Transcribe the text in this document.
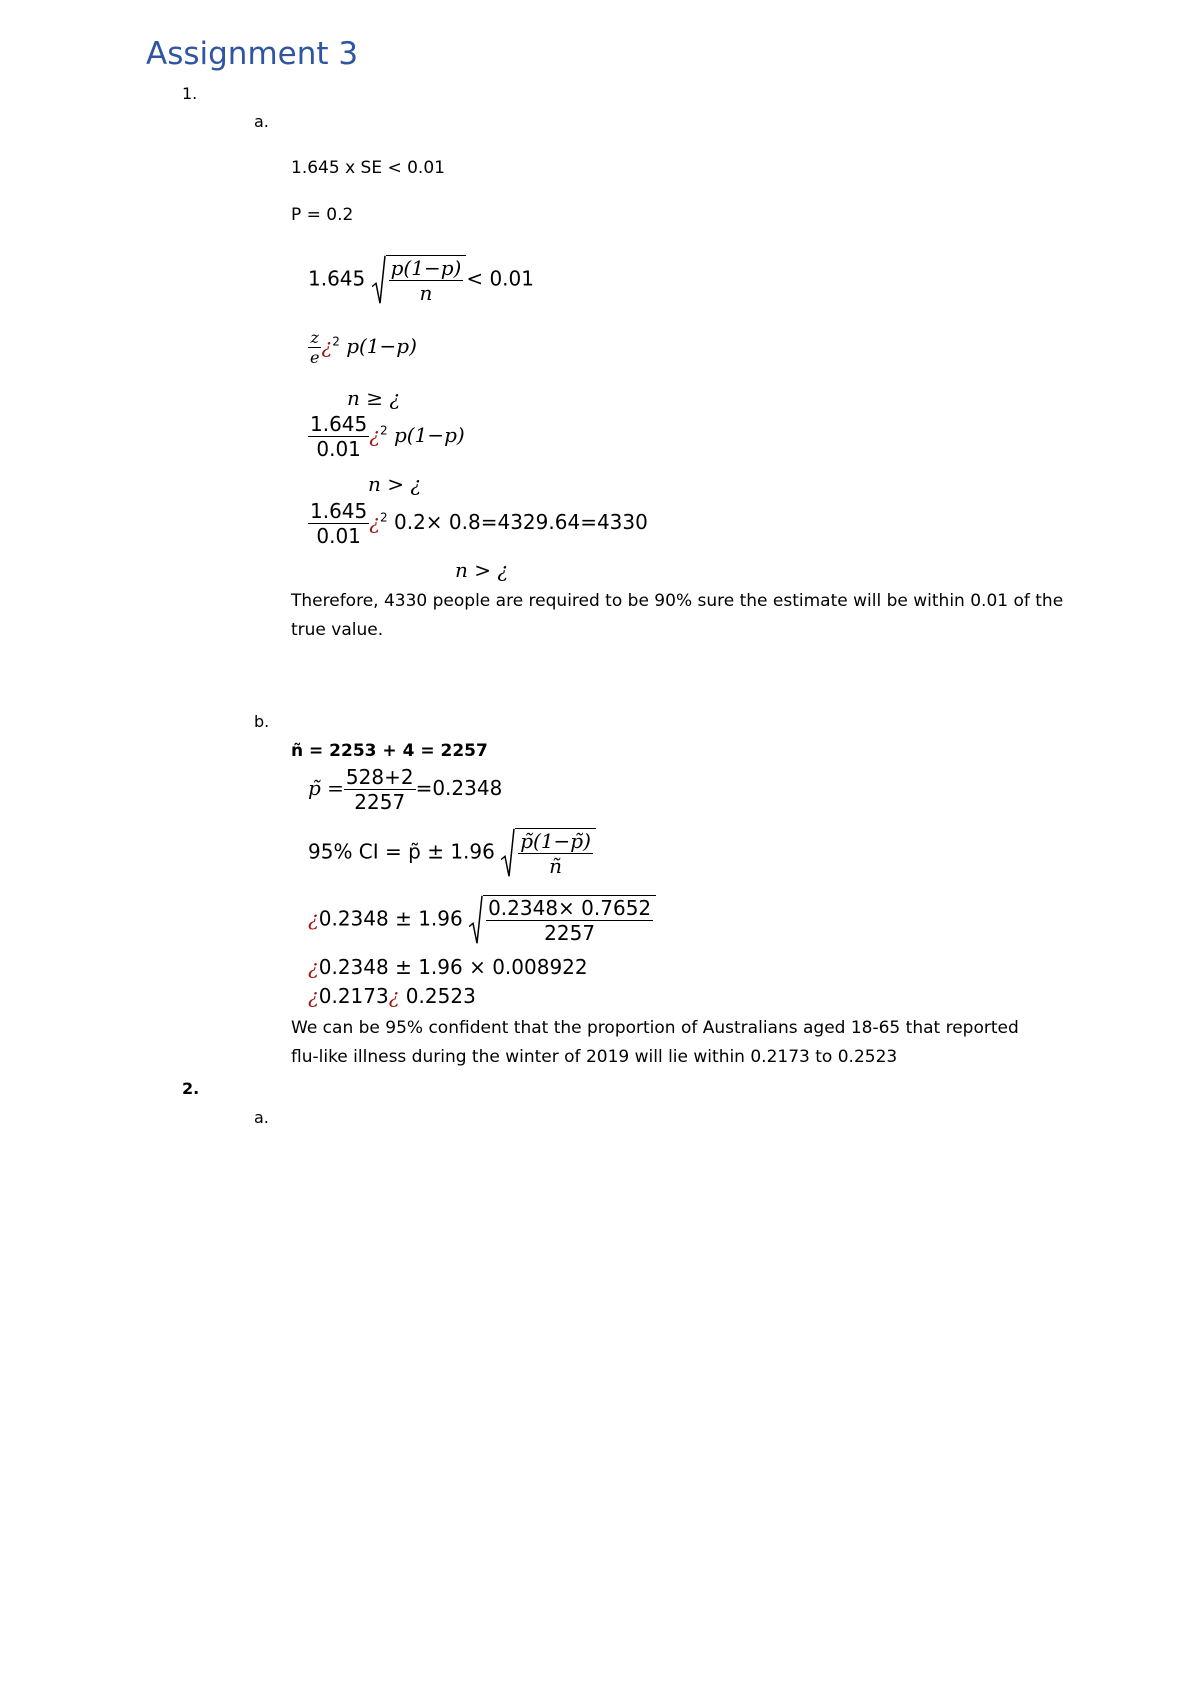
Assignment 3
1.
a.
1.645 x SE < 0.01
P = 0.2
$1.645 \frac{p(1-p)}{n} < 0.01$
$\frac{z}{e}$ ¿$^2$ p(1−p)
n ≥ ¿
$\frac{1.645}{0.01}$ ¿$^2$ p(1−p)
n > ¿
$\frac{1.645}{0.01}$ ¿$^2$ 0.2× 0.8=4329.64=4330
n > ¿
Therefore, 4330 people are required to be 90% sure the estimate will be within 0.01 of the true value.
b.
ñ = 2253 + 4 = 2257
p̃ = $\frac{528+2}{2257} =0.2348$
95% CI = p̃ ± $1.96 \frac{p̃(1-p̃)}{ñ}$
¿$0.2348 \pm 1.96 \frac{0.2348\times 0.7652}{2257}$
¿0.2348 ± 1.96 × 0.008922
¿0.2173¿ 0.2523
We can be 95% confident that the proportion of Australians aged 18-65 that reported flu-like illness during the winter of 2019 will lie within 0.2173 to 0.2523
2.
a.
